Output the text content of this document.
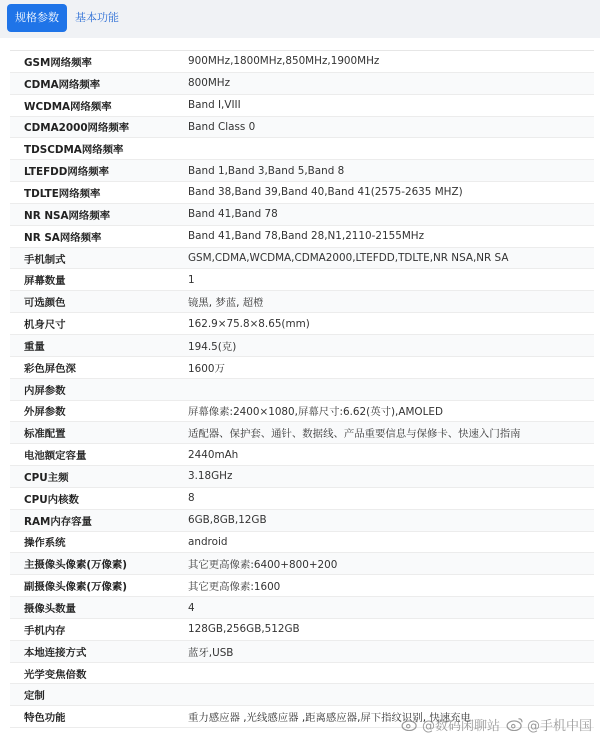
规格参数	基本功能
GSM网络频率	900MHz,1800MHz,850MHz,1900MHz
CDMA网络频率	800MHz
WCDMA网络频率	Band I,VIII
CDMA2000网络频率	Band Class 0
TDSCDMA网络频率
LTEFDD网络频率	Band 1,Band 3,Band 5,Band 8
TDLTE网络频率	Band 38,Band 39,Band 40,Band 41(2575-2635 MHZ)
NR NSA网络频率	Band 41,Band 78
NR SA网络频率	Band 41,Band 78,Band 28,N1,2110-2155MHz
手机制式	GSM,CDMA,WCDMA,CDMA2000,LTEFDD,TDLTE,NR NSA,NR SA
屏幕数量	1
可选颜色	镜黑, 梦蓝, 超橙
机身尺寸	162.9×75.8×8.65(mm)
重量	194.5(克)
彩色屏色深	1600万
内屏参数
外屏参数	屏幕像素:2400×1080,屏幕尺寸:6.62(英寸),AMOLED
标准配置	适配器、保护套、通针、数据线、产品重要信息与保修卡、快速入门指南
电池额定容量	2440mAh
CPU主频	3.18GHz
CPU内核数	8
RAM内存容量	6GB,8GB,12GB
操作系统	android
主摄像头像素(万像素)	其它更高像素:6400+800+200
副摄像头像素(万像素)	其它更高像素:1600
摄像头数量	4
手机内存	128GB,256GB,512GB
本地连接方式	蓝牙,USB
光学变焦倍数
定制
特色功能	重力感应器 ,光线感应器 ,距离感应器,屏下指纹识别, 快速充电
@数码闲聊站 @手机中国
